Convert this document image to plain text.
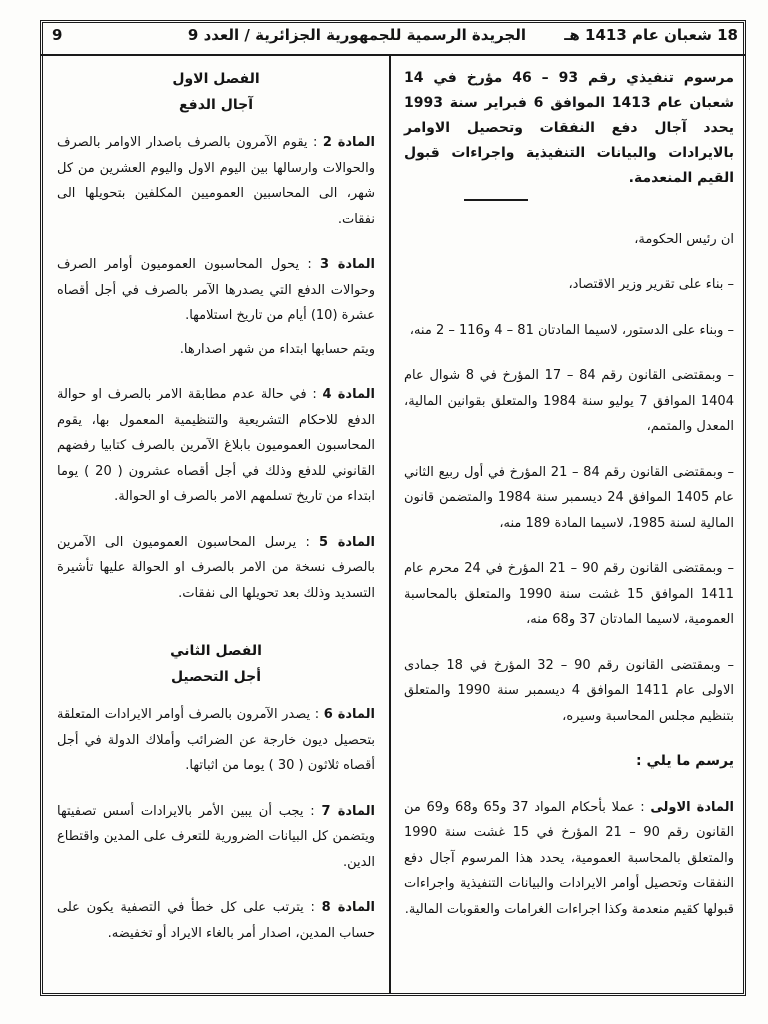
18 شعبان عام 1413 هـ
الجريدة الرسمية للجمهورية الجزائرية / العدد 9
9

مرسوم تنفيذي رقم 93 – 46 مؤرخ في 14 شعبان عام 1413 الموافق 6 فبراير سنة 1993 يحدد آجال دفع النفقات وتحصيل الاوامر بالايرادات والبيانات التنفيذية واجراءات قبول القيم المنعدمة.

ان رئيس الحكومة،

– بناء على تقرير وزير الاقتصاد،

– وبناء على الدستور، لاسيما المادتان 81 – 4 و116 – 2 منه،

– وبمقتضى القانون رقم 84 – 17 المؤرخ في 8 شوال عام 1404 الموافق 7 يوليو سنة 1984 والمتعلق بقوانين المالية، المعدل والمتمم،

– وبمقتضى القانون رقم 84 – 21 المؤرخ في أول ربيع الثاني عام 1405 الموافق 24 ديسمبر سنة 1984 والمتضمن قانون المالية لسنة 1985، لاسيما المادة 189 منه،

– وبمقتضى القانون رقم 90 – 21 المؤرخ في 24 محرم عام 1411 الموافق 15 غشت سنة 1990 والمتعلق بالمحاسبة العمومية، لاسيما المادتان 37 و68 منه،

– وبمقتضى القانون رقم 90 – 32 المؤرخ في 18 جمادى الاولى عام 1411 الموافق 4 ديسمبر سنة 1990 والمتعلق بتنظيم مجلس المحاسبة وسيره،

يرسم ما يلي :

المادة الاولى : عملا بأحكام المواد 37 و65 و68 و69 من القانون رقم 90 – 21 المؤرخ في 15 غشت سنة 1990 والمتعلق بالمحاسبة العمومية، يحدد هذا المرسوم آجال دفع النفقات وتحصيل أوامر الايرادات والبيانات التنفيذية واجراءات قبولها كقيم منعدمة وكذا اجراءات الغرامات والعقوبات المالية.

الفصل الاول
آجال الدفع

المادة 2 : يقوم الآمرون بالصرف باصدار الاوامر بالصرف والحوالات وارسالها بين اليوم الاول واليوم العشرين من كل شهر، الى المحاسبين العموميين المكلفين بتحويلها الى نفقات.

المادة 3 : يحول المحاسبون العموميون أوامر الصرف وحوالات الدفع التي يصدرها الآمر بالصرف في أجل أقصاه عشرة (10) أيام من تاريخ استلامها.

ويتم حسابها ابتداء من شهر اصدارها.

المادة 4 : في حالة عدم مطابقة الامر بالصرف او حوالة الدفع للاحكام التشريعية والتنظيمية المعمول بها، يقوم المحاسبون العموميون بابلاغ الآمرين بالصرف كتابيا رفضهم القانوني للدفع وذلك في أجل أقصاه عشرون ( 20 ) يوما ابتداء من تاريخ تسلمهم الامر بالصرف او الحوالة.

المادة 5 : يرسل المحاسبون العموميون الى الآمرين بالصرف نسخة من الامر بالصرف او الحوالة عليها تأشيرة التسديد وذلك بعد تحويلها الى نفقات.

الفصل الثاني
أجل التحصيل

المادة 6 : يصدر الآمرون بالصرف أوامر الايرادات المتعلقة بتحصيل ديون خارجة عن الضرائب وأملاك الدولة في أجل أقصاه ثلاثون ( 30 ) يوما من اثباتها.

المادة 7 : يجب أن يبين الأمر بالايرادات أسس تصفيتها ويتضمن كل البيانات الضرورية للتعرف على المدين واقتطاع الدين.

المادة 8 : يترتب على كل خطأ في التصفية يكون على حساب المدين، اصدار أمر بالغاء الايراد أو تخفيضه.
